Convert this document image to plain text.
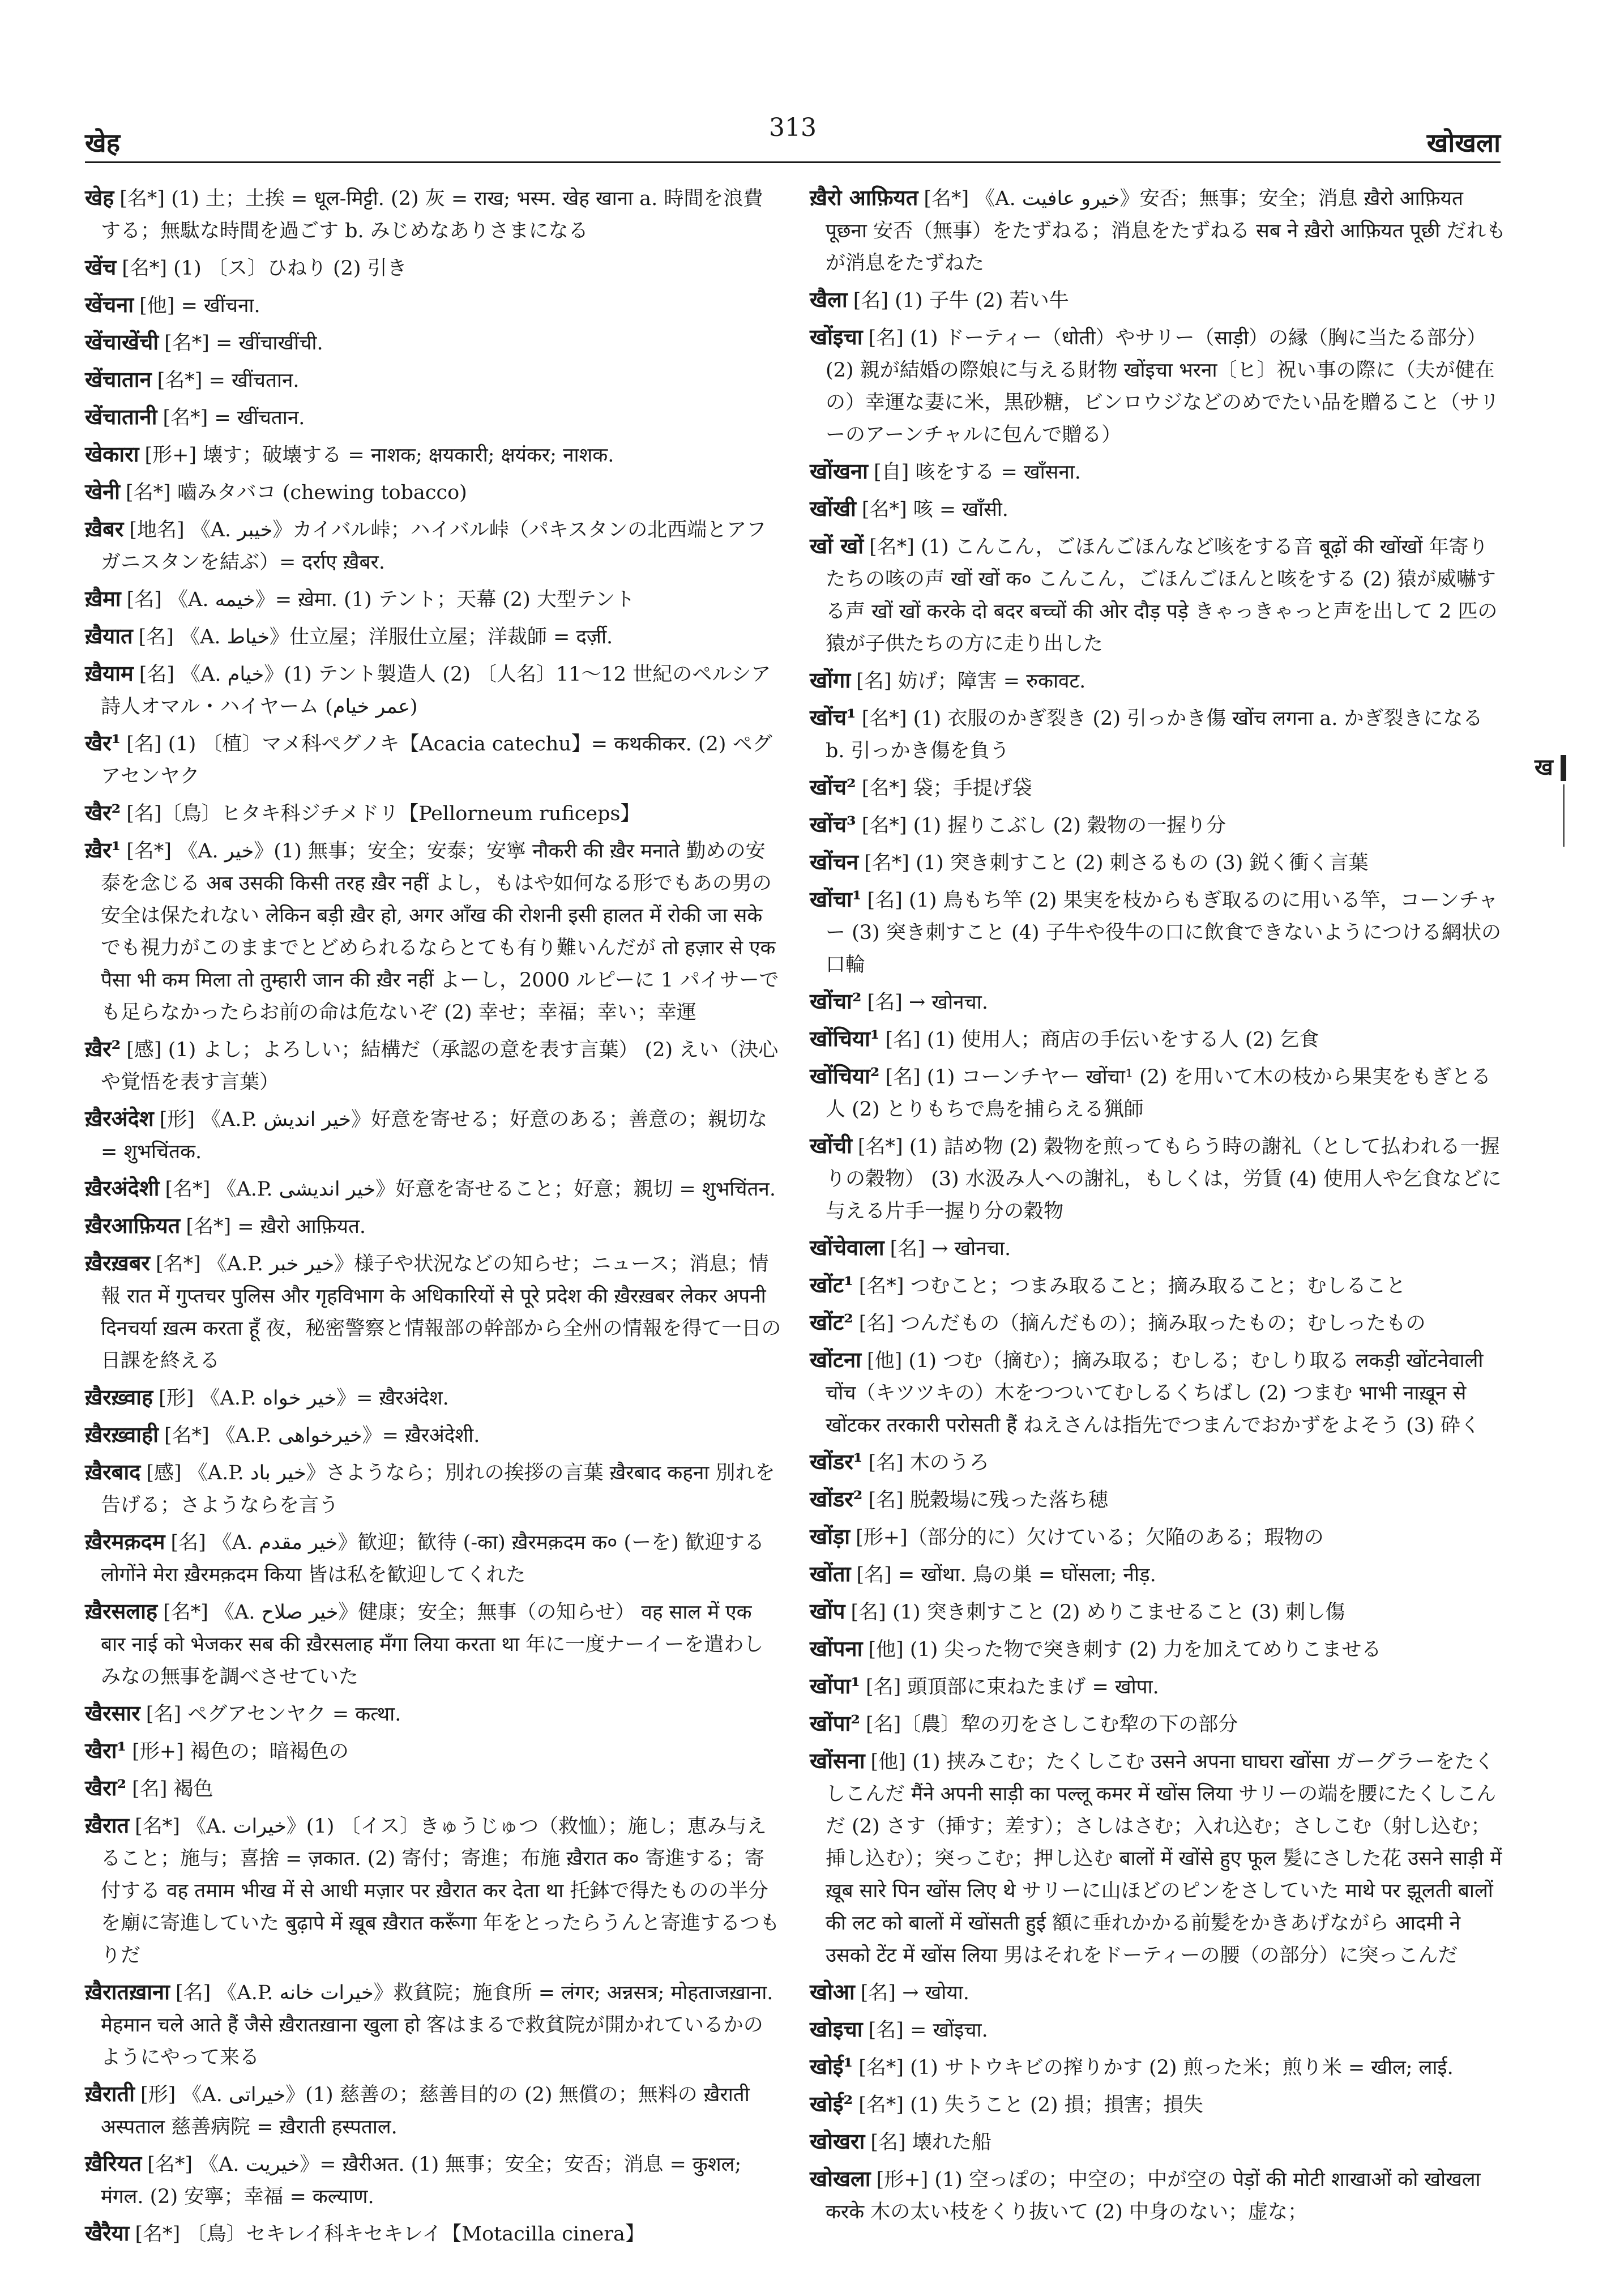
खेह	313	खोखला
खेह [名*] (1) 土；土挨 = धूल-मिट्टी. (2) 灰 = राख; भस्म. खेह खाना a. 時間を浪費する；無駄な時間を過ごす b. みじめなありさまになる
खेंच [名*] (1) 〔ス〕ひねり (2) 引き
खेंचना [他] = खींचना.
खेंचाखेंची [名*] = खींचाखींची.
खेंचातान [名*] = खींचतान.
खेंचातानी [名*] = खींचतान.
खेकारा [形+] 壊す；破壊する = नाशक; क्षयकारी; क्षयंकर; नाशक.
खेनी [名*] 嚙みタバコ (chewing tobacco)
ख़ैबर [地名] 《A. خیبر》カイバル峠；ハイバル峠（パキスタンの北西端とアフガニスタンを結ぶ）= दर्राए ख़ैबर.
ख़ैमा [名] 《A. خیمه》= ख़ेमा. (1) テント；天幕 (2) 大型テント
ख़ैयात [名] 《A. خیاط》仕立屋；洋服仕立屋；洋裁師 = दर्ज़ी.
ख़ैयाम [名] 《A. خیام》(1) テント製造人 (2) 〔人名〕11〜12 世紀のペルシア詩人オマル・ハイヤーム (عمر خیام)
खैर¹ [名] (1) 〔植〕マメ科ペグノキ【Acacia catechu】= कथकीकर. (2) ペグアセンヤク
खैर² [名]〔鳥〕ヒタキ科ジチメドリ【Pellorneum ruficeps】
ख़ैर¹ [名*] 《A. خیر》(1) 無事；安全；安泰；安寧 नौकरी की ख़ैर मनाते 勤めの安泰を念じる अब उसकी किसी तरह ख़ैर नहीं よし，もはや如何なる形でもあの男の安全は保たれない लेकिन बड़ी ख़ैर हो, अगर आँख की रोशनी इसी हालत में रोकी जा सके でも視力がこのままでとどめられるならとても有り難いんだが तो हज़ार से एक पैसा भी कम मिला तो तुम्हारी जान की ख़ैर नहीं よーし，2000 ルピーに 1 パイサーでも足らなかったらお前の命は危ないぞ (2) 幸せ；幸福；幸い；幸運
ख़ैर² [感] (1) よし；よろしい；結構だ（承認の意を表す言葉） (2) えい（決心や覚悟を表す言葉）
ख़ैरअंदेश [形] 《A.P. خیر اندیش》好意を寄せる；好意のある；善意の；親切な = शुभचिंतक.
ख़ैरअंदेशी [名*] 《A.P. خیر اندیشی》好意を寄せること；好意；親切 = शुभचिंतन.
ख़ैरआफ़ियत [名*] = ख़ैरो आफ़ियत.
ख़ैरख़बर [名*] 《A.P. خیر خبر》様子や状況などの知らせ；ニュース；消息；情報 रात में गुप्तचर पुलिस और गृहविभाग के अधिकारियों से पूरे प्रदेश की ख़ैरख़बर लेकर अपनी दिनचर्या ख़त्म करता हूँ 夜，秘密警察と情報部の幹部から全州の情報を得て一日の日課を終える
ख़ैरख़्वाह [形] 《A.P. خیر خواه》= ख़ैरअंदेश.
ख़ैरख़्वाही [名*] 《A.P. خیرخواهی》= ख़ैरअंदेशी.
ख़ैरबाद [感] 《A.P. خیر باد》さようなら；別れの挨拶の言葉 ख़ैरबाद कहना 別れを告げる；さようならを言う
ख़ैरमक़दम [名] 《A. خیر مقدم》歓迎；歓待 (-का) ख़ैरमक़दम क० (ーを) 歓迎する लोगोंने मेरा ख़ैरमक़दम किया 皆は私を歓迎してくれた
ख़ैरसलाह [名*] 《A. خیر صلاح》健康；安全；無事（の知らせ） वह साल में एक बार नाई को भेजकर सब की ख़ैरसलाह मँगा लिया करता था 年に一度ナーイーを遣わしみなの無事を調べさせていた
खैरसार [名] ペグアセンヤク = कत्था.
खैरा¹ [形+] 褐色の；暗褐色の
खैरा² [名] 褐色
ख़ैरात [名*] 《A. خیرات》(1) 〔イス〕きゅうじゅつ（救恤）；施し；恵み与えること；施与；喜捨 = ज़कात. (2) 寄付；寄進；布施 ख़ैरात क० 寄進する；寄付する वह तमाम भीख में से आधी मज़ार पर ख़ैरात कर देता था 托鉢で得たものの半分を廟に寄進していた बुढ़ापे में ख़ूब ख़ैरात करूँगा 年をとったらうんと寄進するつもりだ
ख़ैरातख़ाना [名] 《A.P. خیرات خانه》救貧院；施食所 = लंगर; अन्नसत्र; मोहताजख़ाना. मेहमान चले आते हैं जैसे ख़ैरातख़ाना खुला हो 客はまるで救貧院が開かれているかのようにやって来る
ख़ैराती [形] 《A. خیراتی》(1) 慈善の；慈善目的の (2) 無償の；無料の ख़ैराती अस्पताल 慈善病院 = ख़ैराती हस्पताल.
ख़ैरियत [名*] 《A. خیریت》= ख़ैरीअत. (1) 無事；安全；安否；消息 = कुशल; मंगल. (2) 安寧；幸福 = कल्याण.
खैरैया [名*] 〔鳥〕セキレイ科キセキレイ【Motacilla cinera】
ख़ैरो आफ़ियत [名*] 《A. خیرو عافیت》安否；無事；安全；消息 ख़ैरो आफ़ियत पूछना 安否（無事）をたずねる；消息をたずねる सब ने ख़ैरो आफ़ियत पूछी だれもが消息をたずねた
खैला [名] (1) 子牛 (2) 若い牛
खोंइचा [名] (1) ドーティー（धोती）やサリー（साड़ी）の縁（胸に当たる部分） (2) 親が結婚の際娘に与える財物 खोंइचा भरना〔ヒ〕祝い事の際に（夫が健在の）幸運な妻に米，黒砂糖，ビンロウジなどのめでたい品を贈ること（サリーのアーンチャルに包んで贈る）
खोंखना [自] 咳をする = खाँसना.
खोंखी [名*] 咳 = खाँसी.
खों खों [名*] (1) こんこん，ごほんごほんなど咳をする音 बूढ़ों की खोंखों 年寄りたちの咳の声 खों खों क० こんこん，ごほんごほんと咳をする (2) 猿が威嚇する声 खों खों करके दो बदर बच्चों की ओर दौड़ पड़े きゃっきゃっと声を出して 2 匹の猿が子供たちの方に走り出した
खोंगा [名] 妨げ；障害 = रुकावट.
खोंच¹ [名*] (1) 衣服のかぎ裂き (2) 引っかき傷 खोंच लगना a. かぎ裂きになる b. 引っかき傷を負う
खोंच² [名*] 袋；手提げ袋
खोंच³ [名*] (1) 握りこぶし (2) 穀物の一握り分
खोंचन [名*] (1) 突き刺すこと (2) 刺さるもの (3) 鋭く衝く言葉
खोंचा¹ [名] (1) 鳥もち竿 (2) 果実を枝からもぎ取るのに用いる竿，コーンチャー (3) 突き刺すこと (4) 子牛や役牛の口に飲食できないようにつける網状の口輪
खोंचा² [名] → खोनचा.
खोंचिया¹ [名] (1) 使用人；商店の手伝いをする人 (2) 乞食
खोंचिया² [名] (1) コーンチヤー खोंचा¹ (2) を用いて木の枝から果実をもぎとる人 (2) とりもちで鳥を捕らえる猟師
खोंची [名*] (1) 詰め物 (2) 穀物を煎ってもらう時の謝礼（として払われる一握りの穀物） (3) 水汲み人への謝礼，もしくは，労賃 (4) 使用人や乞食などに与える片手一握り分の穀物
खोंचेवाला [名] → खोनचा.
खोंट¹ [名*] つむこと；つまみ取ること；摘み取ること；むしること
खोंट² [名] つんだもの（摘んだもの）；摘み取ったもの；むしったもの
खोंटना [他] (1) つむ（摘む）；摘み取る；むしる；むしり取る लकड़ी खोंटनेवाली चोंच（キツツキの）木をつついてむしるくちばし (2) つまむ भाभी नाख़ून से खोंटकर तरकारी परोसती हैं ねえさんは指先でつまんでおかずをよそう (3) 砕く
खोंडर¹ [名] 木のうろ
खोंडर² [名] 脱穀場に残った落ち穂
खोंड़ा [形+]（部分的に）欠けている；欠陥のある；瑕物の
खोंता [名] = खोंथा. 鳥の巣 = घोंसला; नीड़.
खोंप [名] (1) 突き刺すこと (2) めりこませること (3) 刺し傷
खोंपना [他] (1) 尖った物で突き刺す (2) 力を加えてめりこませる
खोंपा¹ [名] 頭頂部に束ねたまげ = खोपा.
खोंपा² [名]〔農〕犂の刃をさしこむ犂の下の部分
खोंसना [他] (1) 挟みこむ；たくしこむ उसने अपना घाघरा खोंसा ガーグラーをたくしこんだ मैंने अपनी साड़ी का पल्लू कमर में खोंस लिया サリーの端を腰にたくしこんだ (2) さす（挿す；差す）；さしはさむ；入れ込む；さしこむ（射し込む；挿し込む）；突っこむ；押し込む बालों में खोंसे हुए फूल 髪にさした花 उसने साड़ी में ख़ूब सारे पिन खोंस लिए थे サリーに山ほどのピンをさしていた माथे पर झूलती बालों की लट को बालों में खोंसती हुई 額に垂れかかる前髪をかきあげながら आदमी ने उसको टेंट में खोंस लिया 男はそれをドーティーの腰（の部分）に突っこんだ
खोआ [名] → खोया.
खोइचा [名] = खोंइचा.
खोई¹ [名*] (1) サトウキビの搾りかす (2) 煎った米；煎り米 = खील; लाई.
खोई² [名*] (1) 失うこと (2) 損；損害；損失
खोखरा [名] 壊れた船
खोखला [形+] (1) 空っぽの；中空の；中が空の पेड़ों की मोटी शाखाओं को खोखला करके 木の太い枝をくり抜いて (2) 中身のない；虚な；
ख
